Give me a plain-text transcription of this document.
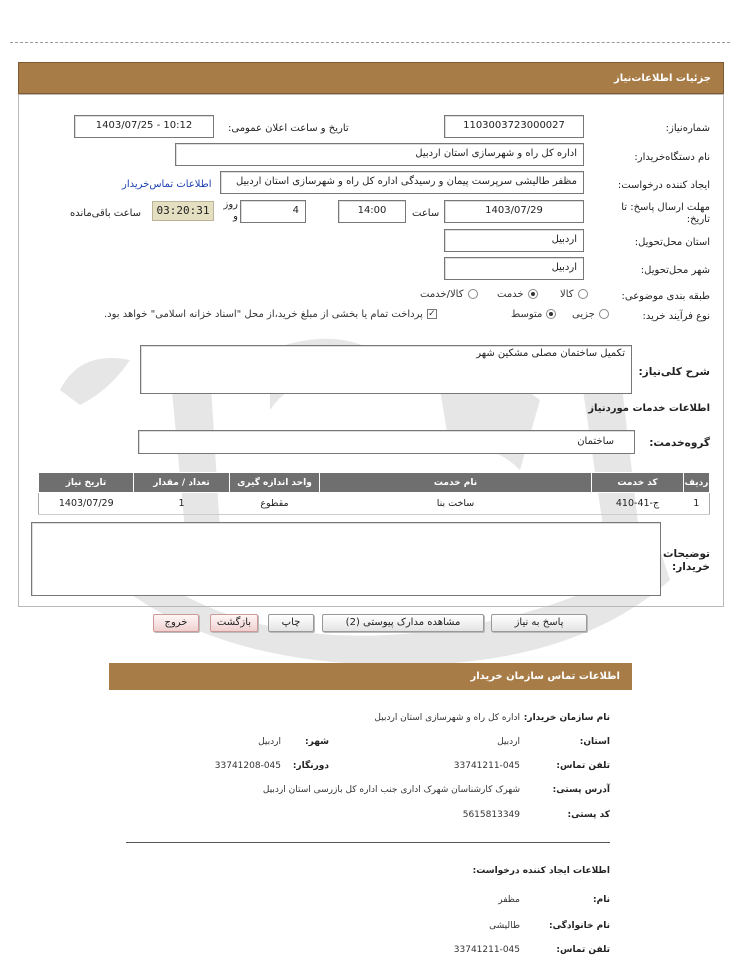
جزئیات اطلاعات‌نیاز
شماره‌نیاز:
1103003723000027
تاریخ و ساعت اعلان عمومی:
1403/07/25 - 10:12
نام دستگاه‌خریدار:
اداره کل راه و شهرسازی استان اردبیل
ایجاد کننده درخواست:
مظفر طالیشی سرپرست پیمان و رسیدگی اداره کل راه و شهرسازی استان اردبیل
اطلاعات تماس‌خریدار
مهلت ارسال پاسخ: تا تاریخ:
1403/07/29
ساعت
14:00
4
روز و
03:20:31
ساعت باقی‌مانده
استان محل‌تحویل:
اردبیل
شهر محل‌تحویل:
اردبیل
طبقه بندی موضوعی:
کالا
خدمت
کالا/خدمت
نوع فرآیند خرید:
جزیی
متوسط
✓پرداخت تمام یا بخشی از مبلغ خرید،از محل "اسناد خزانه اسلامی" خواهد بود.
شرح کلی‌نیاز:
تکمیل ساختمان مصلی مشکین شهر
اطلاعات خدمات موردنیاز
گروه‌خدمت:
ساختمان
ردیف	کد خدمت	نام خدمت	واحد اندازه گیری	تعداد / مقدار	تاریخ نیاز
1	ج-41-410	ساخت بنا	مقطوع	1	1403/07/29
توضیحات خریدار:
پاسخ به نیاز
مشاهده مدارک پیوستی (2)
چاپ
بازگشت
خروج
اطلاعات تماس سازمان خریدار
نام سازمان خریدار:
اداره کل راه و شهرسازی استان اردبیل
استان:
اردبیل
شهر:
اردبیل
تلفن تماس:
33741211-045
دورنگار:
33741208-045
آدرس پستی:
شهرک کارشناسان شهرک اداری جنب اداره کل بازرسی استان اردبیل
کد پستی:
5615813349
اطلاعات ایجاد کننده درخواست:
نام:
مظفر
نام خانوادگی:
طالیشی
تلفن تماس:
33741211-045
